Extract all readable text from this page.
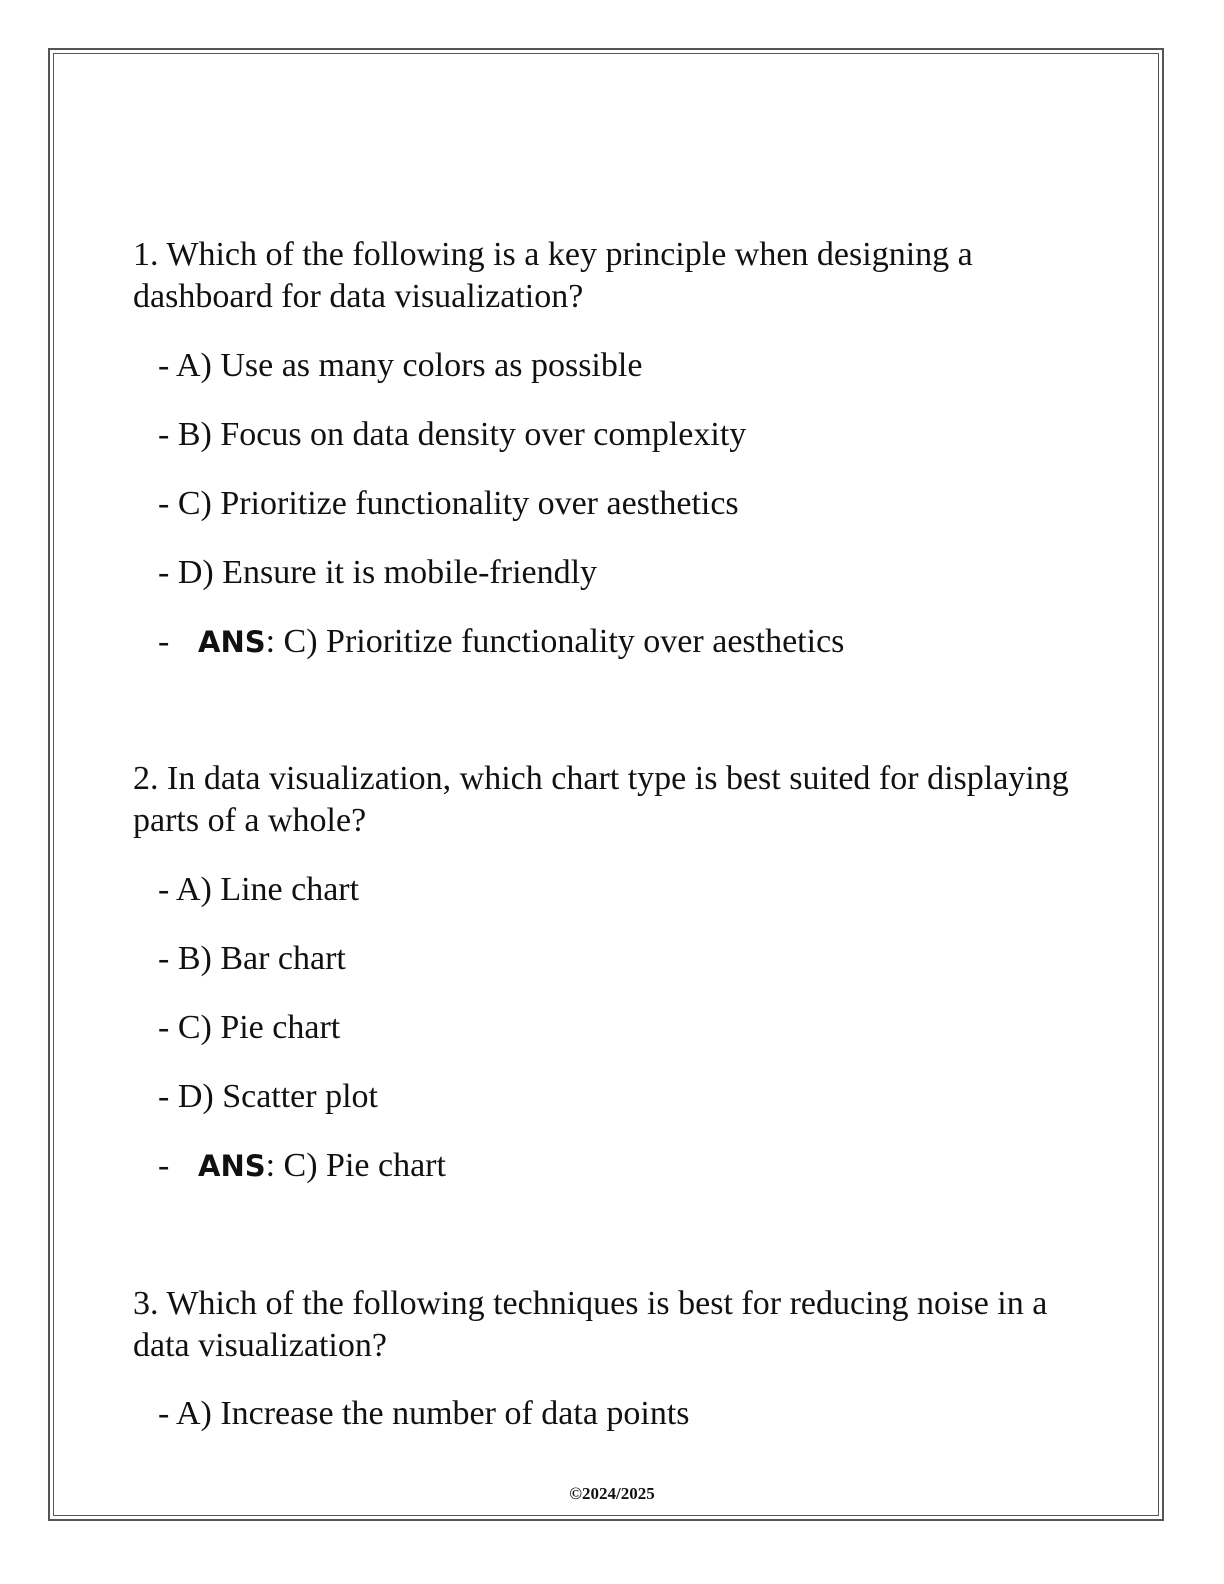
1. Which of the following is a key principle when designing a dashboard for data visualization?

- A) Use as many colors as possible
- B) Focus on data density over complexity
- C) Prioritize functionality over aesthetics
- D) Ensure it is mobile-friendly
- ANS: C) Prioritize functionality over aesthetics

2. In data visualization, which chart type is best suited for displaying parts of a whole?

- A) Line chart
- B) Bar chart
- C) Pie chart
- D) Scatter plot
- ANS: C) Pie chart

3. Which of the following techniques is best for reducing noise in a data visualization?

- A) Increase the number of data points
©2024/2025
